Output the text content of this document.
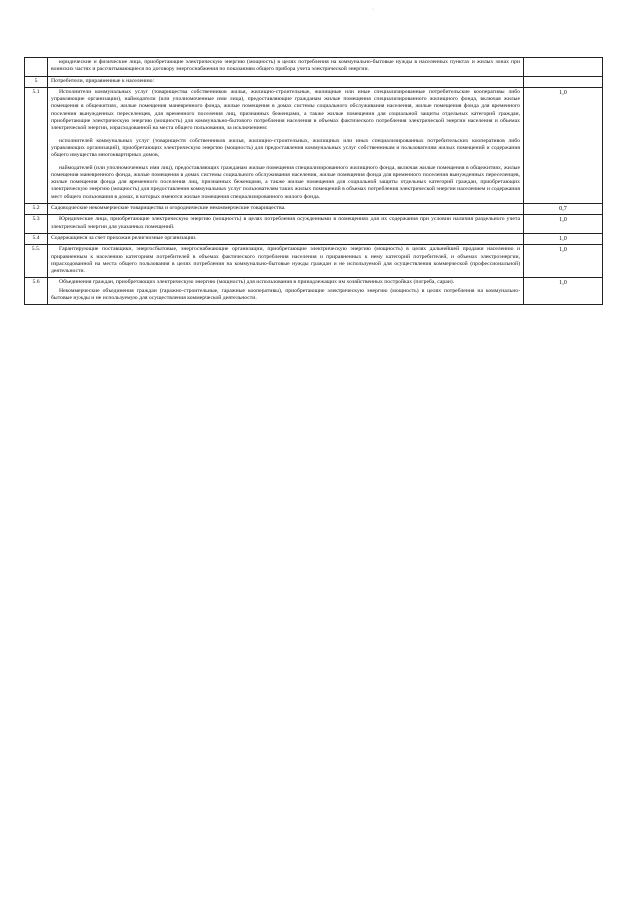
·

	юридические и физические лица, приобретающие электрическую энергию (мощность) в целях потребления на коммунально-бытовые нужды в населенных пунктах и жилых зонах при воинских частях и рассчитывающиеся по договору энергоснабжения по показаниям общего прибора учета электрической энергии.	

5	Потребители, приравненные к населению:	

5.1	Исполнители коммунальных услуг (товарищества собственников жилья, жилищно-строительные, жилищные или иные специализированные потребительские кооперативы либо управляющие организации), наймодатели (или уполномоченные ими лица), предоставляющие гражданам жилые помещения специализированного жилищного фонда, включая жилые помещения в общежитиях, жилые помещения маневренного фонда, жилые помещения в домах системы социального обслуживания населения, жилые помещения фонда для временного поселения вынужденных переселенцев, для временного поселения лиц, признанных беженцами, а также жилые помещения для социальной защиты отдельных категорий граждан, приобретающие электрическую энергию (мощность) для коммунально-бытового потребления населения в объемах фактического потребления электрической энергии населения и объемах электрической энергии, израсходованной на места общего пользования, за исключением:

исполнителей коммунальных услуг (товариществ собственников жилья, жилищно-строительных, жилищных или иных специализированных потребительских кооперативов либо управляющих организаций), приобретающих электрическую энергию (мощность) для предоставления коммунальных услуг собственникам и пользователям жилых помещений и содержания общего имущества многоквартирных домов,

наймодателей (или уполномоченных ими лиц), предоставляющих гражданам жилые помещения специализированного жилищного фонда, включая жилые помещения в общежитиях, жилые помещения маневренного фонда, жилые помещения в домах системы социального обслуживания населения, жилые помещения фонда для временного поселения вынужденных переселенцев, жилые помещения фонда для временного поселения лиц, признанных беженцами, а также жилые помещения для социальной защиты отдельных категорий граждан, приобретающих электрическую энергию (мощность) для предоставления коммунальных услуг пользователям таких жилых помещений в объемах потребления электрической энергии населением и содержания мест общего пользования в домах, в которых имеются жилые помещения специализированного жилого фонда.	1,0
5.2	Садоводческие некоммерческие товарищества и огороднические некоммерческие товарищества.	0,7
5.3	Юридические лица, приобретающие электрическую энергию (мощность) в целях потребления осужденными в помещениях для их содержания при условии наличия раздельного учета электрической энергии для указанных помещений.	1,0
5.4	Содержащиеся за счет прихожан религиозные организации.	1,0
5.5.	Гарантирующие поставщики, энергосбытовые, энергоснабжающие организации, приобретающие электрическую энергию (мощность) в целях дальнейшей продажи населению и приравненным к населению категориям потребителей в объемах фактического потребления населения и приравненных к нему категорий потребителей, и объемах электроэнергии, израсходованной на места общего пользования в целях потребления на коммунально-бытовые нужды граждан и не используемой для осуществления коммерческой (профессиональной) деятельности.	1,0
5.6	Объединения граждан, приобретающих электрическую энергию (мощность) для использования в принадлежащих им хозяйственных постройках (погреба, сараи).

Некоммерческие объединения граждан (гаражно-строительные, гаражные кооперативы), приобретающие электрическую энергию (мощность) в целях потребления на коммунально-бытовые нужды и не используемую для осуществления коммерческой деятельности.	1,0
